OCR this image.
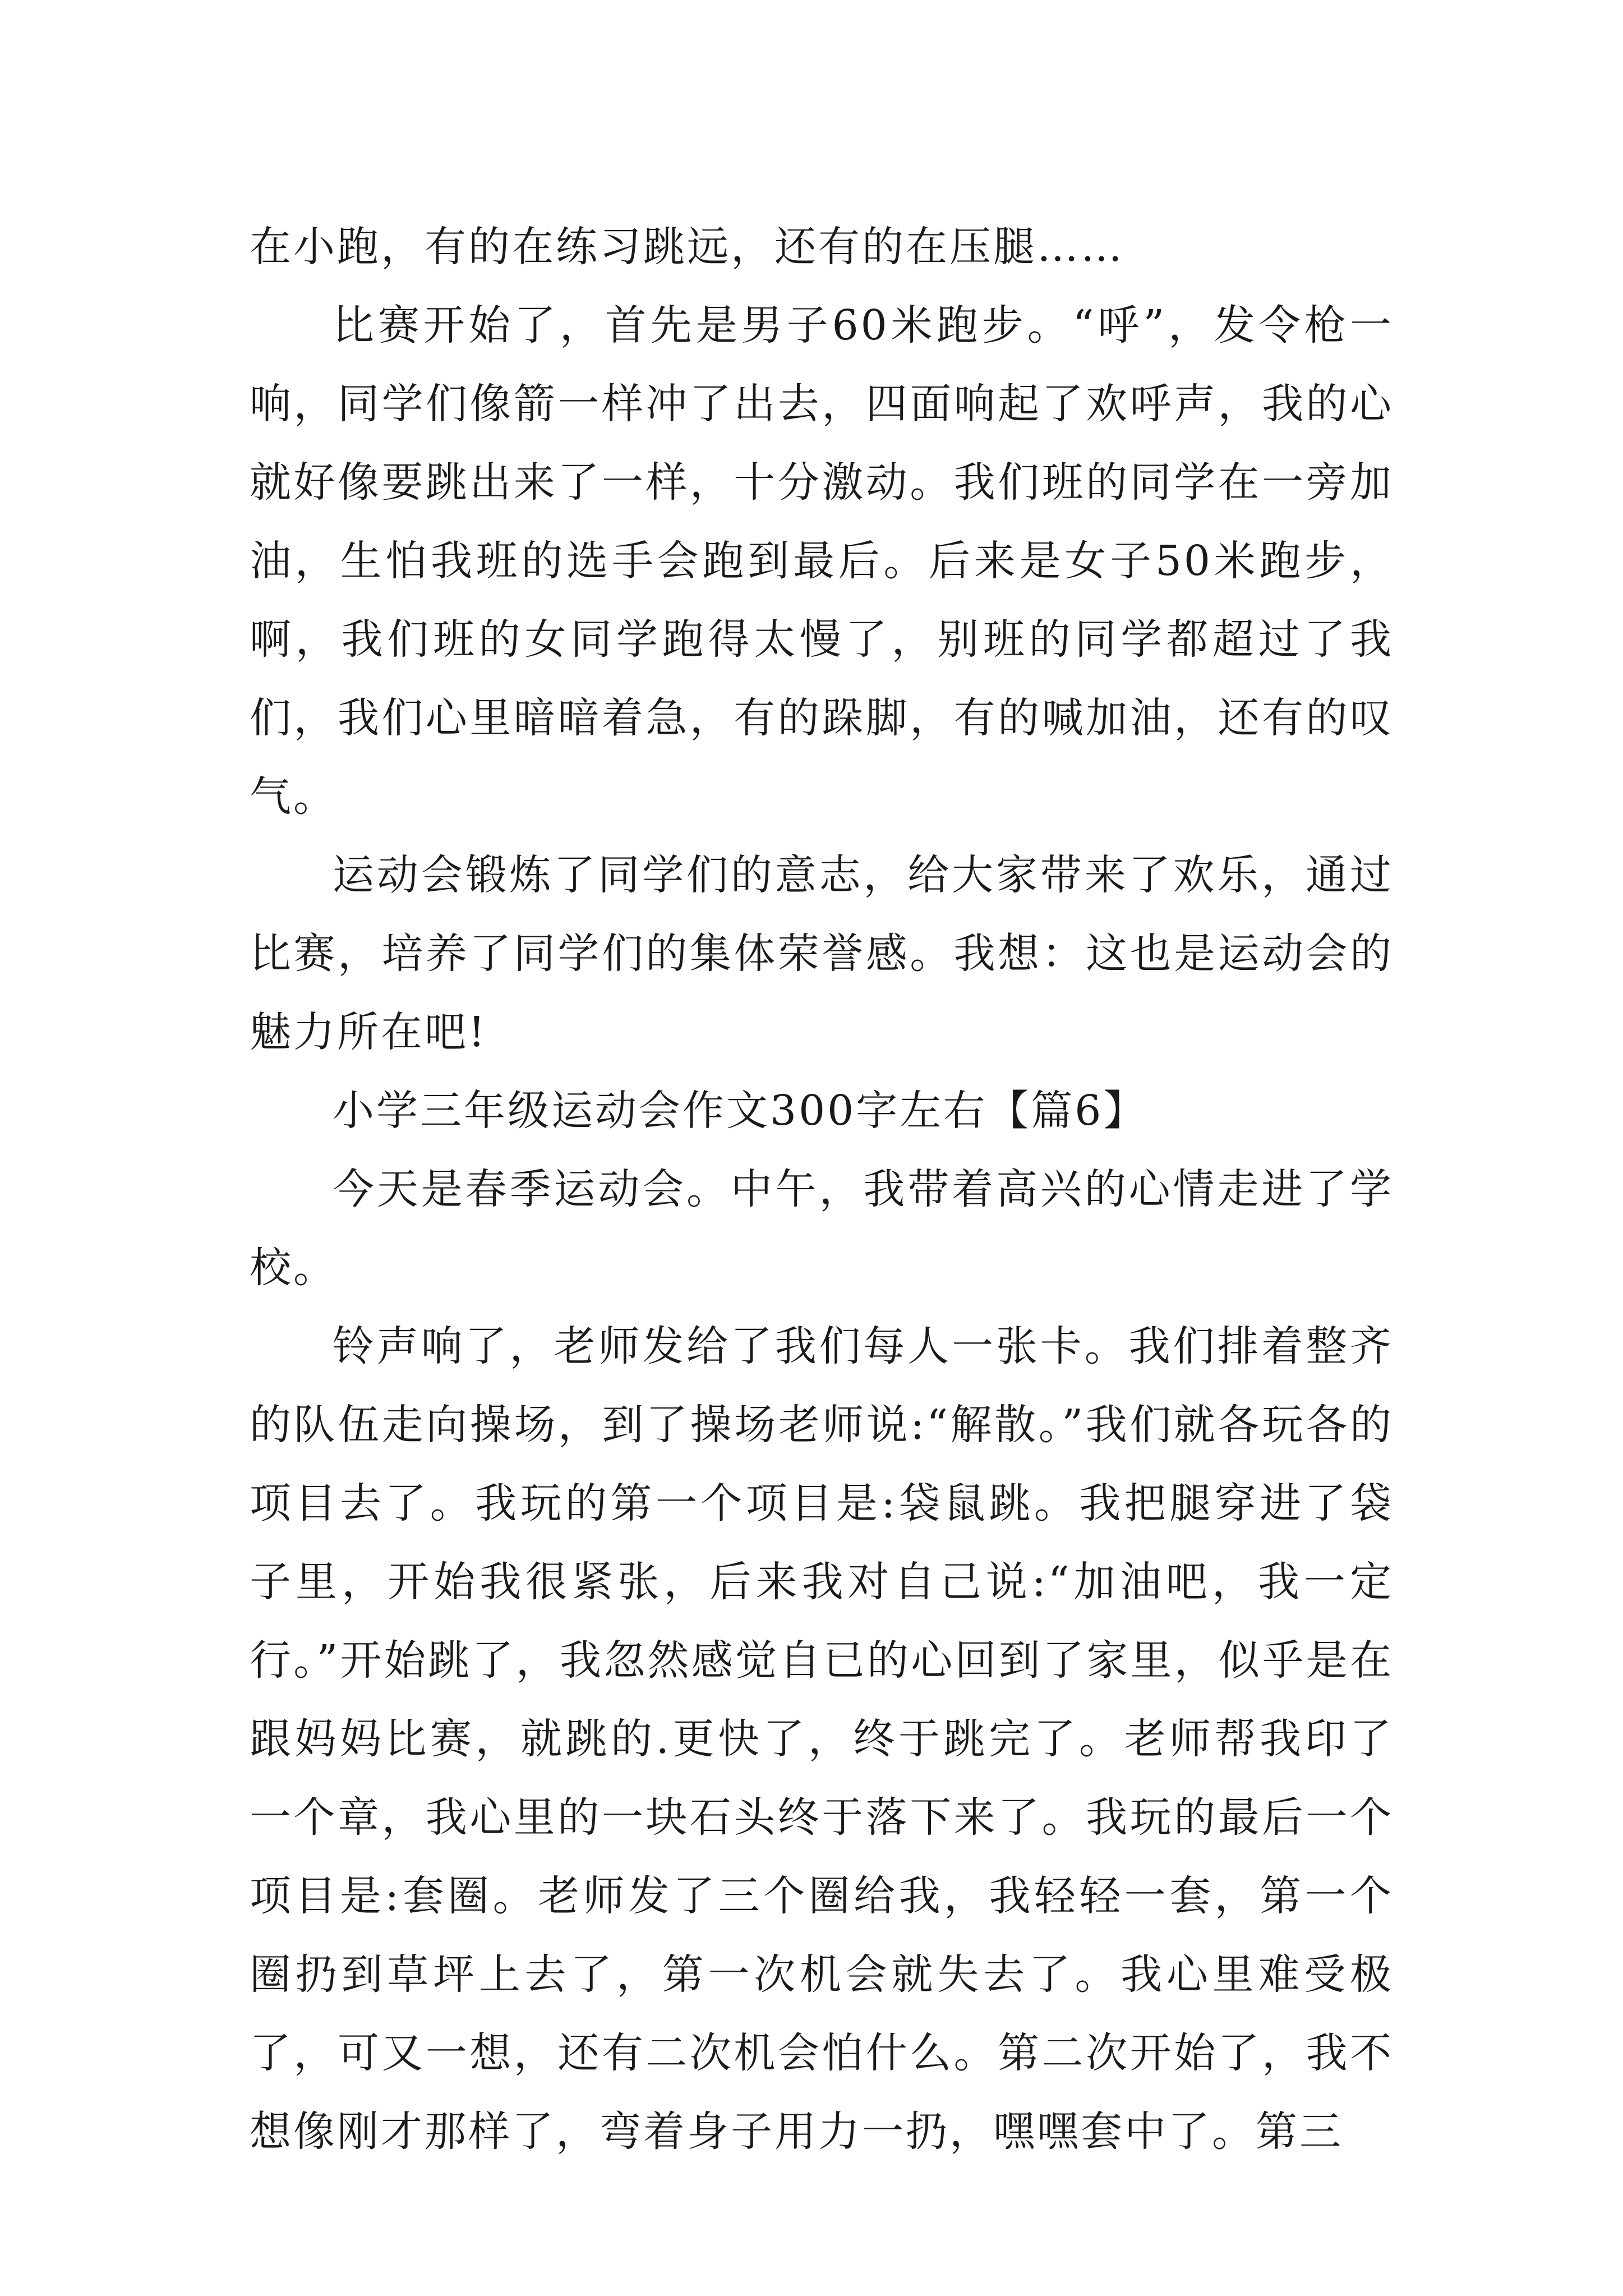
在小跑，有的在练习跳远，还有的在压腿……

比赛开始了，首先是男子60米跑步。“呼”，发令枪一响，同学们像箭一样冲了出去，四面响起了欢呼声，我的心就好像要跳出来了一样，十分激动。我们班的同学在一旁加油，生怕我班的选手会跑到最后。后来是女子50米跑步，啊，我们班的女同学跑得太慢了，别班的同学都超过了我们，我们心里暗暗着急，有的跺脚，有的喊加油，还有的叹气。

运动会锻炼了同学们的意志，给大家带来了欢乐，通过比赛，培养了同学们的集体荣誉感。我想：这也是运动会的魅力所在吧!

小学三年级运动会作文300字左右【篇6】

今天是春季运动会。中午，我带着高兴的心情走进了学校。

铃声响了，老师发给了我们每人一张卡。我们排着整齐的队伍走向操场，到了操场老师说:“解散。”我们就各玩各的项目去了。我玩的第一个项目是:袋鼠跳。我把腿穿进了袋子里，开始我很紧张，后来我对自己说:“加油吧，我一定行。”开始跳了，我忽然感觉自已的心回到了家里，似乎是在跟妈妈比赛，就跳的.更快了，终于跳完了。老师帮我印了一个章，我心里的一块石头终于落下来了。我玩的最后一个项目是:套圈。老师发了三个圈给我，我轻轻一套，第一个圈扔到草坪上去了，第一次机会就失去了。我心里难受极了，可又一想，还有二次机会怕什么。第二次开始了，我不想像刚才那样了，弯着身子用力一扔，嘿嘿套中了。第三
